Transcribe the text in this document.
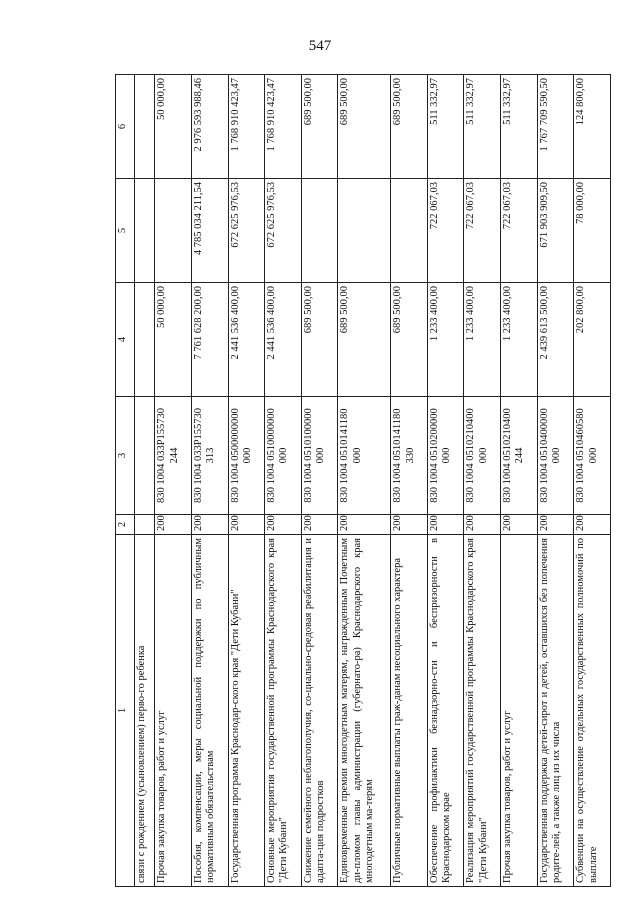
547
1	2	3	4	5	6
связи с рождением (усыновлением) перво-го ребенка					
Прочая закупка товаров, работ и услуг	200	830 1004 033Р155730 244	50 000,00		50 000,00
Пособия, компенсации, меры социальной поддержки по публичным нормативным обязательствам	200	830 1004 033Р155730 313	7 761 628 200,00	4 785 034 211,54	2 976 593 988,46
Государственная программа Краснодар-ского края "Дети Кубани"	200	830 1004 0500000000 000	2 441 536 400,00	672 625 976,53	1 768 910 423,47
Основные мероприятия государственной программы Краснодарского края "Дети Кубани"	200	830 1004 0510000000 000	2 441 536 400,00	672 625 976,53	1 768 910 423,47
Снижение семейного неблагополучия, со-циально-средовая реабилитация и адапта-ция подростков	200	830 1004 0510100000 000	689 500,00		689 500,00
Единовременные премии многодетным матерям, награжденным Почетным ди-пломом главы администрации (губернато-ра) Краснодарского края многодетным ма-терям	200	830 1004 0510141180 000	689 500,00		689 500,00
Публичные нормативные выплаты граж-данам несоциального характера	200	830 1004 0510141180 330	689 500,00		689 500,00
Обеспечение профилактики безнадзорно-сти и беспризорности в Краснодарском крае	200	830 1004 0510200000 000	1 233 400,00	722 067,03	511 332,97
Реализация мероприятий государственной программы Краснодарского края "Дети Кубани"	200	830 1004 0510210400 000	1 233 400,00	722 067,03	511 332,97
Прочая закупка товаров, работ и услуг	200	830 1004 0510210400 244	1 233 400,00	722 067,03	511 332,97
Государственная поддержка детей-сирот и детей, оставшихся без попечения родите-лей, а также лиц из их числа	200	830 1004 0510400000 000	2 439 613 500,00	671 903 909,50	1 767 709 590,50
Субвенции на осуществление отдельных государственных полномочий по выплате	200	830 1004 0510460580 000	202 800,00	78 000,00	124 800,00
